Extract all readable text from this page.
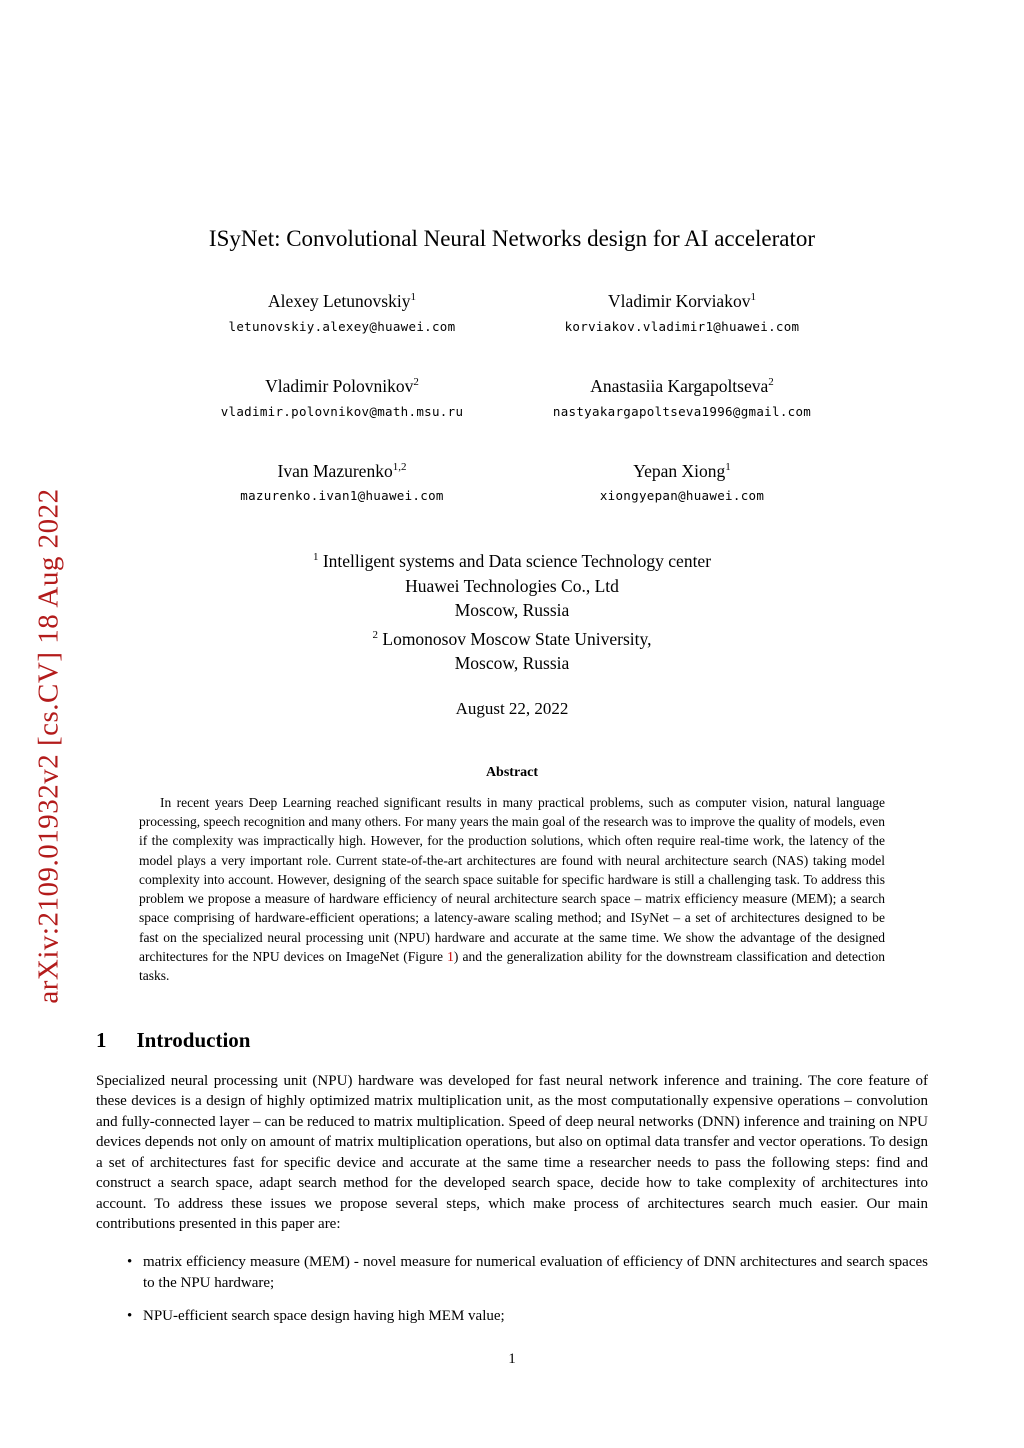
arXiv:2109.01932v2 [cs.CV] 18 Aug 2022
ISyNet: Convolutional Neural Networks design for AI accelerator
Alexey Letunovskiy$^1$
letunovskiy.alexey@huawei.com
Vladimir Korviakov$^1$
korviakov.vladimir1@huawei.com
Vladimir Polovnikov$^2$
vladimir.polovnikov@math.msu.ru
Anastasiia Kargapoltseva$^2$
nastyakargapoltseva1996@gmail.com
Ivan Mazurenko$^{1,2}$
mazurenko.ivan1@huawei.com
Yepan Xiong$^1$
xiongyepan@huawei.com
$^1$ Intelligent systems and Data science Technology center
Huawei Technologies Co., Ltd
Moscow, Russia
$^2$ Lomonosov Moscow State University,
Moscow, Russia
August 22, 2022
Abstract

In recent years Deep Learning reached significant results in many practical problems, such as computer vision, natural language processing, speech recognition and many others. For many years the main goal of the research was to improve the quality of models, even if the complexity was impractically high. However, for the production solutions, which often require real-time work, the latency of the model plays a very important role. Current state-of-the-art architectures are found with neural architecture search (NAS) taking model complexity into account. However, designing of the search space suitable for specific hardware is still a challenging task. To address this problem we propose a measure of hardware efficiency of neural architecture search space – matrix efficiency measure (MEM); a search space comprising of hardware-efficient operations; a latency-aware scaling method; and ISyNet – a set of architectures designed to be fast on the specialized neural processing unit (NPU) hardware and accurate at the same time. We show the advantage of the designed architectures for the NPU devices on ImageNet (Figure 1) and the generalization ability for the downstream classification and detection tasks.

1 Introduction

Specialized neural processing unit (NPU) hardware was developed for fast neural network inference and training. The core feature of these devices is a design of highly optimized matrix multiplication unit, as the most computationally expensive operations – convolution and fully-connected layer – can be reduced to matrix multiplication. Speed of deep neural networks (DNN) inference and training on NPU devices depends not only on amount of matrix multiplication operations, but also on optimal data transfer and vector operations. To design a set of architectures fast for specific device and accurate at the same time a researcher needs to pass the following steps: find and construct a search space, adapt search method for the developed search space, decide how to take complexity of architectures into account. To address these issues we propose several steps, which make process of architectures search much easier. Our main contributions presented in this paper are:

• matrix efficiency measure (MEM) - novel measure for numerical evaluation of efficiency of DNN architectures and search spaces to the NPU hardware;
• NPU-efficient search space design having high MEM value;
1
